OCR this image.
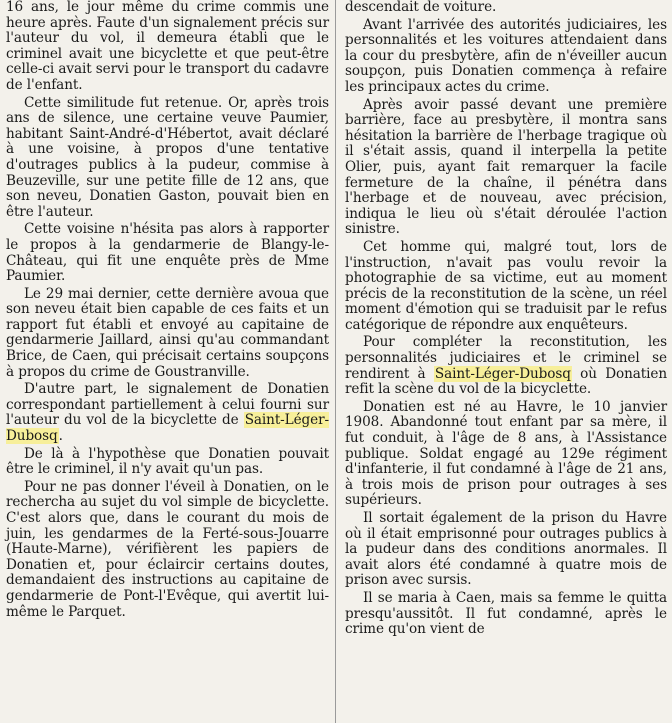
16 ans, le jour même du crime commis une heure après. Faute d'un signalement précis sur l'auteur du vol, il demeura établi que le criminel avait une bicyclette et que peut-être celle-ci avait servi pour le transport du cadavre de l'enfant.

Cette similitude fut retenue. Or, après trois ans de silence, une certaine veuve Paumier, habitant Saint-André-d'Hébertot, avait déclaré à une voisine, à propos d'une tentative d'outrages publics à la pudeur, commise à Beuzeville, sur une petite fille de 12 ans, que son neveu, Donatien Gaston, pouvait bien en être l'auteur.

Cette voisine n'hésita pas alors à rapporter le propos à la gendarmerie de Blangy-le-Château, qui fit une enquête près de Mme Paumier.

Le 29 mai dernier, cette dernière avoua que son neveu était bien capable de ces faits et un rapport fut établi et envoyé au capitaine de gendarmerie Jaillard, ainsi qu'au commandant Brice, de Caen, qui précisait certains soupçons à propos du crime de Goustranville.

D'autre part, le signalement de Donatien correspondant partiellement à celui fourni sur l'auteur du vol de la bicyclette de Saint-Léger-Dubosq.

De là à l'hypothèse que Donatien pouvait être le criminel, il n'y avait qu'un pas.

Pour ne pas donner l'éveil à Donatien, on le rechercha au sujet du vol simple de bicyclette. C'est alors que, dans le courant du mois de juin, les gendarmes de la Ferté-sous-Jouarre (Haute-Marne), vérifièrent les papiers de Donatien et, pour éclaircir certains doutes, demandaient des instructions au capitaine de gendarmerie de Pont-l'Evêque, qui avertit lui-même le Parquet.

descendait de voiture.

Avant l'arrivée des autorités judiciaires, les personnalités et les voitures attendaient dans la cour du presbytère, afin de n'éveiller aucun soupçon, puis Donatien commença à refaire les principaux actes du crime.

Après avoir passé devant une première barrière, face au presbytère, il montra sans hésitation la barrière de l'herbage tragique où il s'était assis, quand il interpella la petite Olier, puis, ayant fait remarquer la facile fermeture de la chaîne, il pénétra dans l'herbage et de nouveau, avec précision, indiqua le lieu où s'était déroulée l'action sinistre.

Cet homme qui, malgré tout, lors de l'instruction, n'avait pas voulu revoir la photographie de sa victime, eut au moment précis de la reconstitution de la scène, un réel moment d'émotion qui se traduisit par le refus catégorique de répondre aux enquêteurs.

Pour compléter la reconstitution, les personnalités judiciaires et le criminel se rendirent à Saint-Léger-Dubosq où Donatien refit la scène du vol de la bicyclette.

Donatien est né au Havre, le 10 janvier 1908. Abandonné tout enfant par sa mère, il fut conduit, à l'âge de 8 ans, à l'Assistance publique. Soldat engagé au 129e régiment d'infanterie, il fut condamné à l'âge de 21 ans, à trois mois de prison pour outrages à ses supérieurs.

Il sortait également de la prison du Havre où il était emprisonné pour outrages publics à la pudeur dans des conditions anormales. Il avait alors été condamné à quatre mois de prison avec sursis.

Il se maria à Caen, mais sa femme le quitta presqu'aussitôt. Il fut condamné, après le crime qu'on vient de
